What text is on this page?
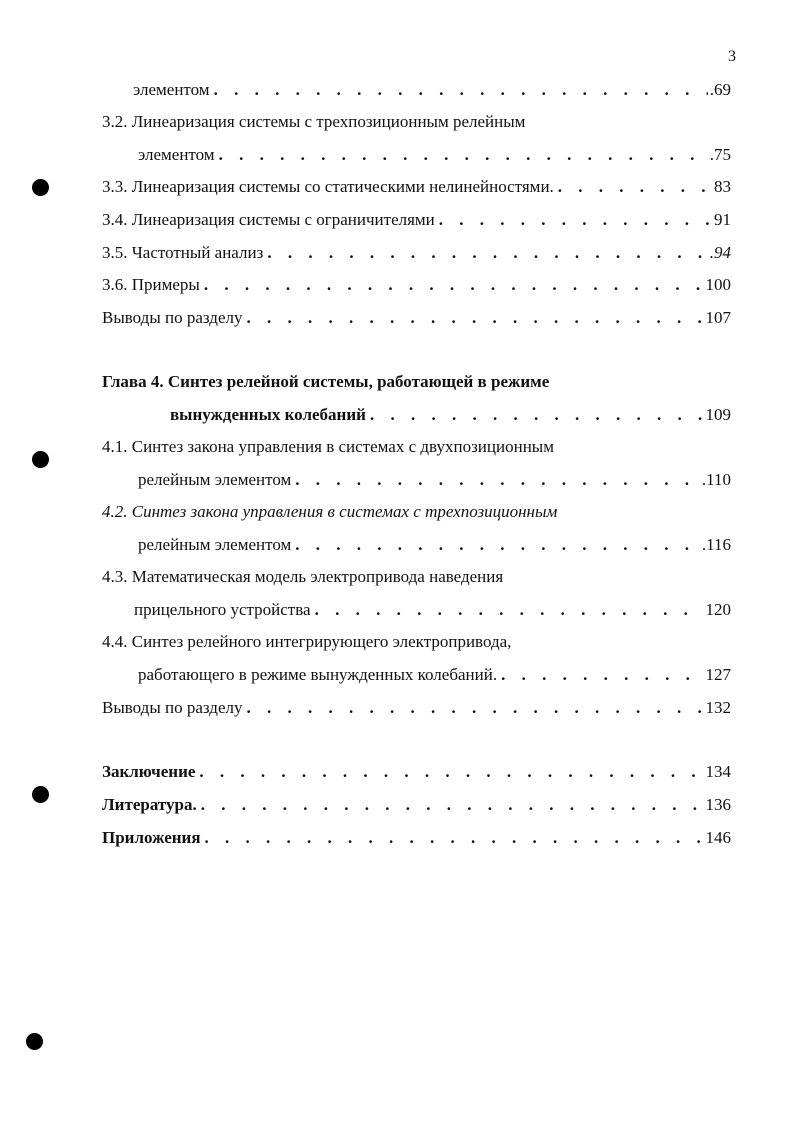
3
элементом . . .	.69
3.2. Линеаризация системы с трехпозиционным релейным
элементом . . .	.75
3.3. Линеаризация системы со статическими нелинейностями. . . .	83
3.4. Линеаризация системы с ограничителями . . .	91
3.5. Частотный анализ . . .	.94
3.6. Примеры . . .	100
Выводы по разделу . . .	107
Глава 4. Синтез релейной системы, работающей в режиме
вынужденных колебаний . . .	109
4.1. Синтез закона управления в системах с двухпозиционным
релейным элементом . . .	.110
4.2. Синтез закона управления в системах с трехпозиционным
релейным элементом . . .	.116
4.3. Математическая модель электропривода наведения
прицельного устройства . . .	120
4.4. Синтез релейного интегрирующего электропривода,
работающего в режиме вынужденных колебаний. . . .	127
Выводы по разделу . . .	132
Заключение . . .	134
Литература. . . .	136
Приложения . . .	146
